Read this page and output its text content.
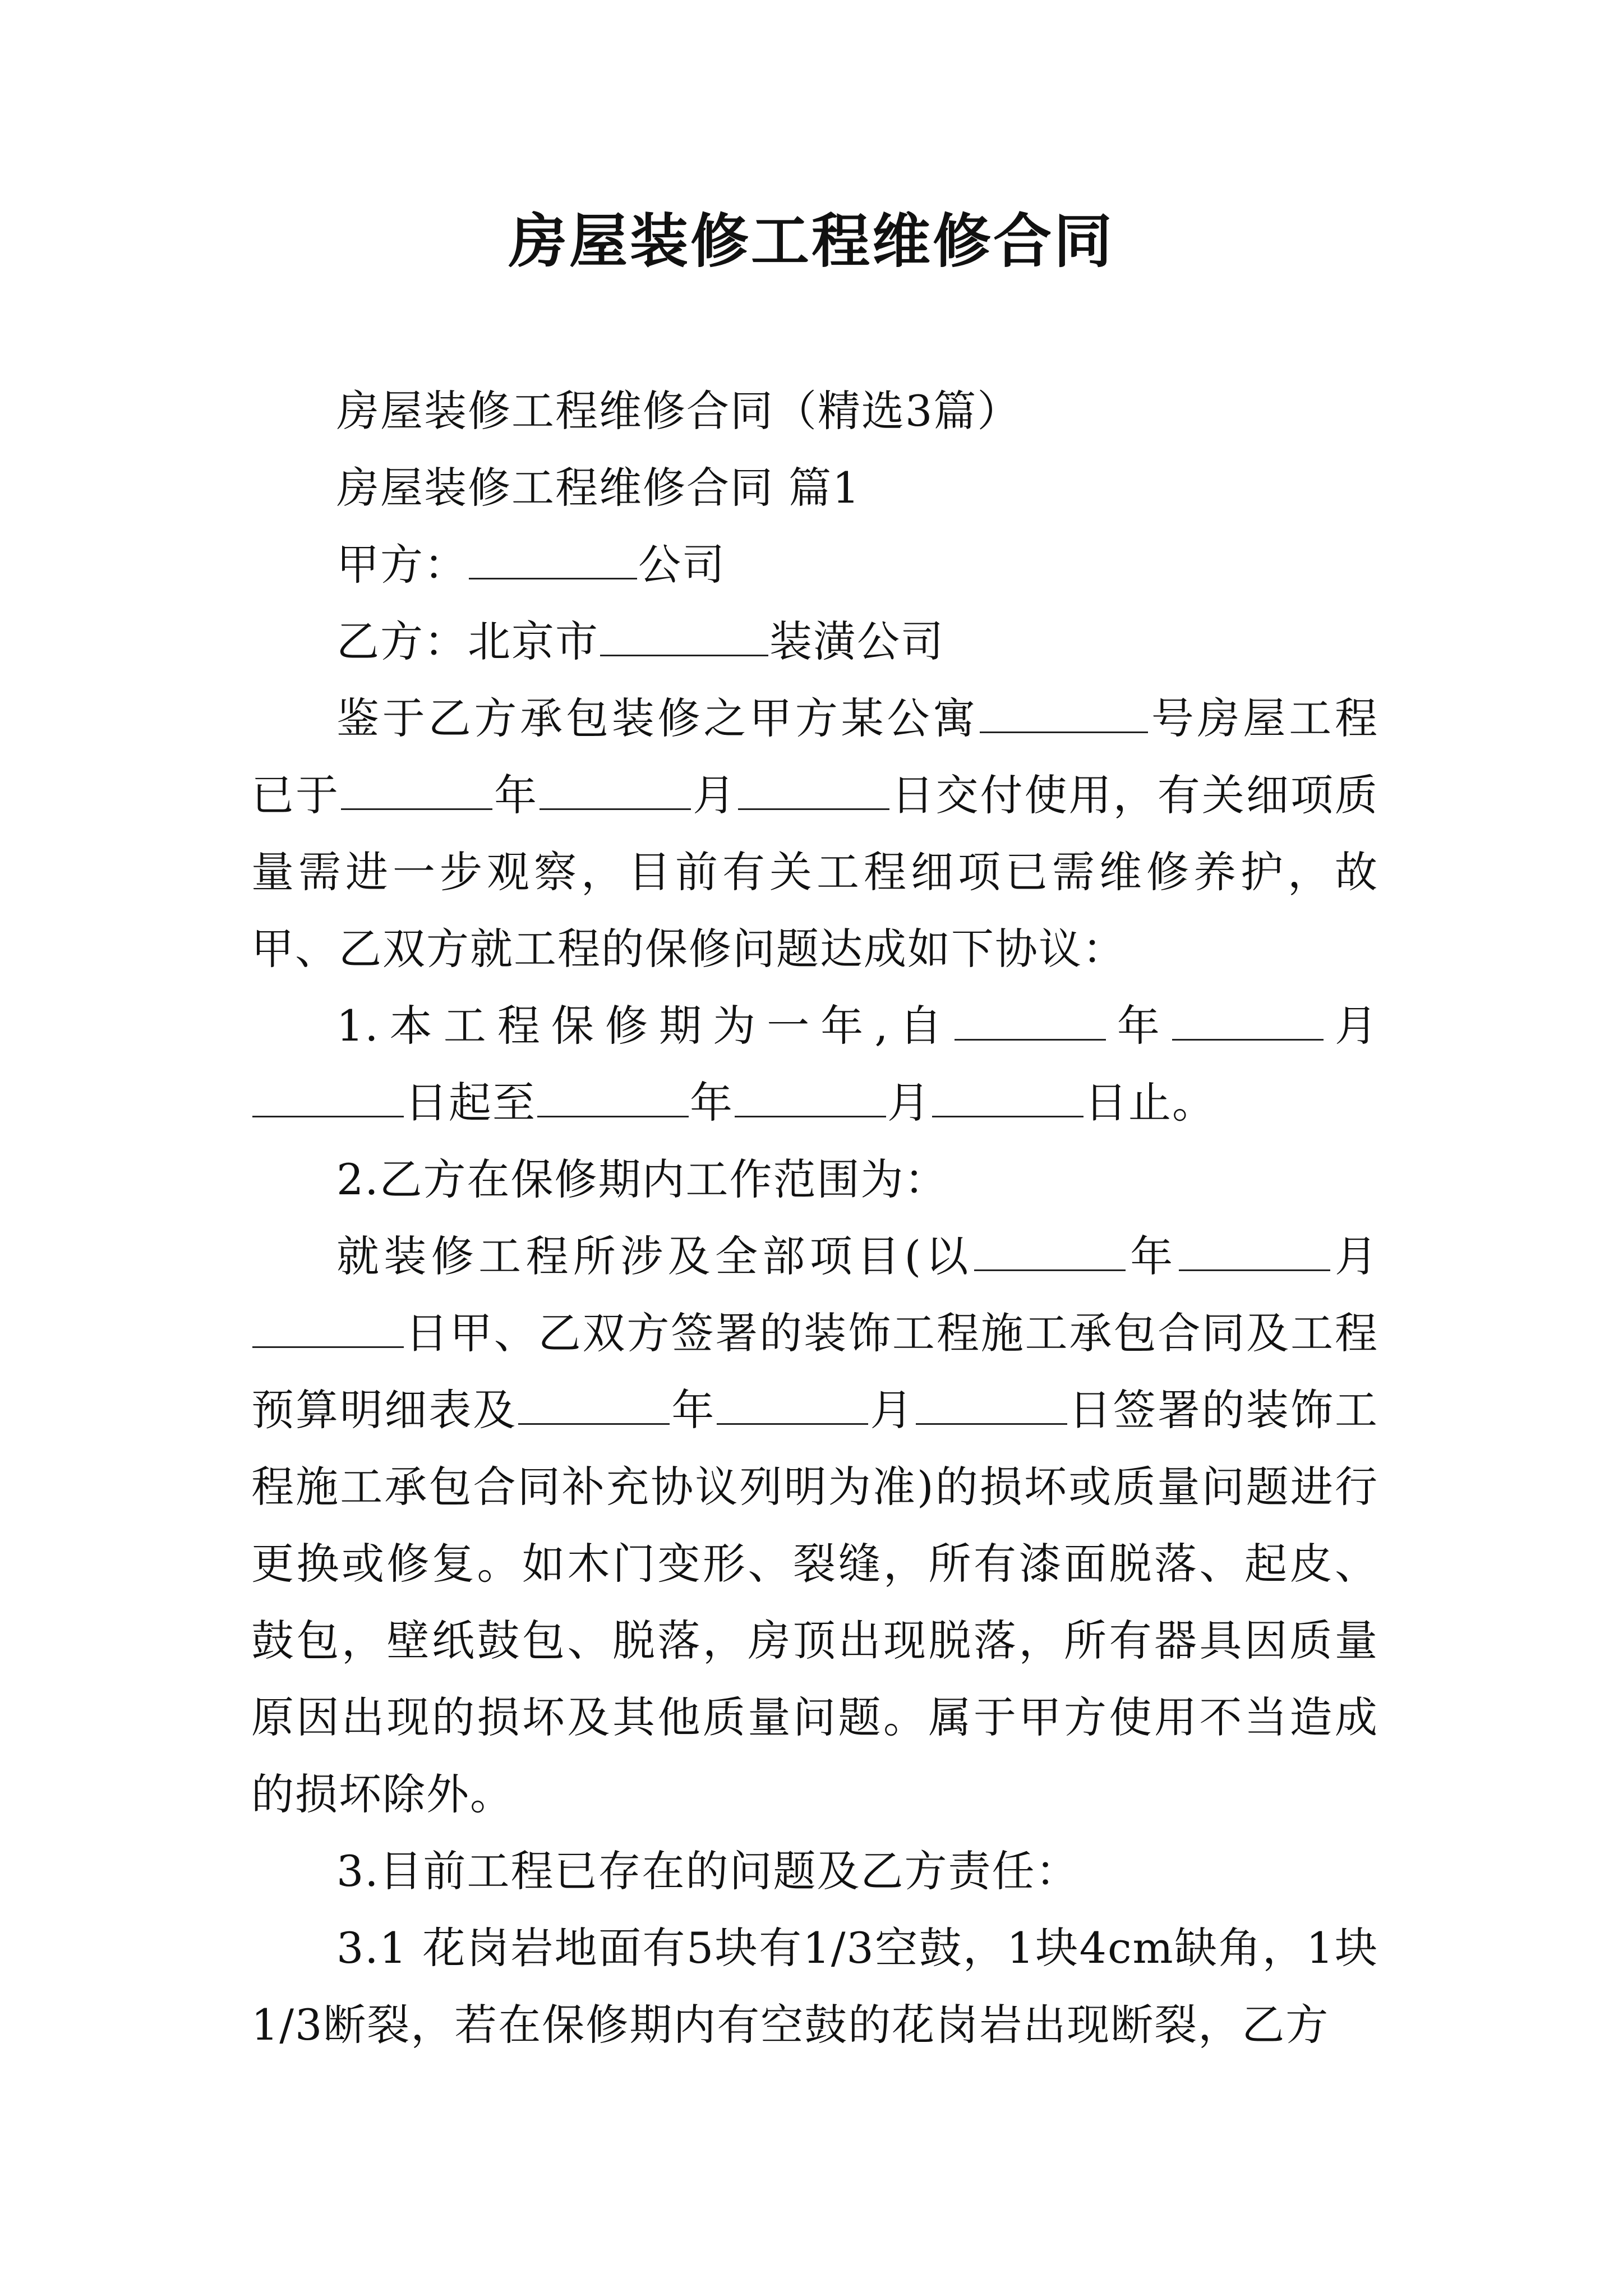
房屋装修工程维修合同

房屋装修工程维修合同（精选3篇）

房屋装修工程维修合同 篇1

甲方：	公司

乙方：北京市	装潢公司

鉴于乙方承包装修之甲方某公寓	号房屋工程已于	年	月	日交付使用，有关细项质量需进一步观察，目前有关工程细项已需维修养护，故甲、乙双方就工程的保修问题达成如下协议：

1.本工程保修期为一年,自	年	月日起至	年	月	日止。

2.乙方在保修期内工作范围为：

就装修工程所涉及全部项目(以	年	月日甲、乙双方签署的装饰工程施工承包合同及工程预算明细表及	年	月	日签署的装饰工程施工承包合同补充协议列明为准)的损坏或质量问题进行更换或修复。如木门变形、裂缝，所有漆面脱落、起皮、鼓包，壁纸鼓包、脱落，房顶出现脱落，所有器具因质量原因出现的损坏及其他质量问题。属于甲方使用不当造成的损坏除外。

3.目前工程已存在的问题及乙方责任：

3.1 花岗岩地面有5块有1/3空鼓，1块4cm缺角，1块1/3断裂，若在保修期内有空鼓的花岗岩出现断裂，乙方
